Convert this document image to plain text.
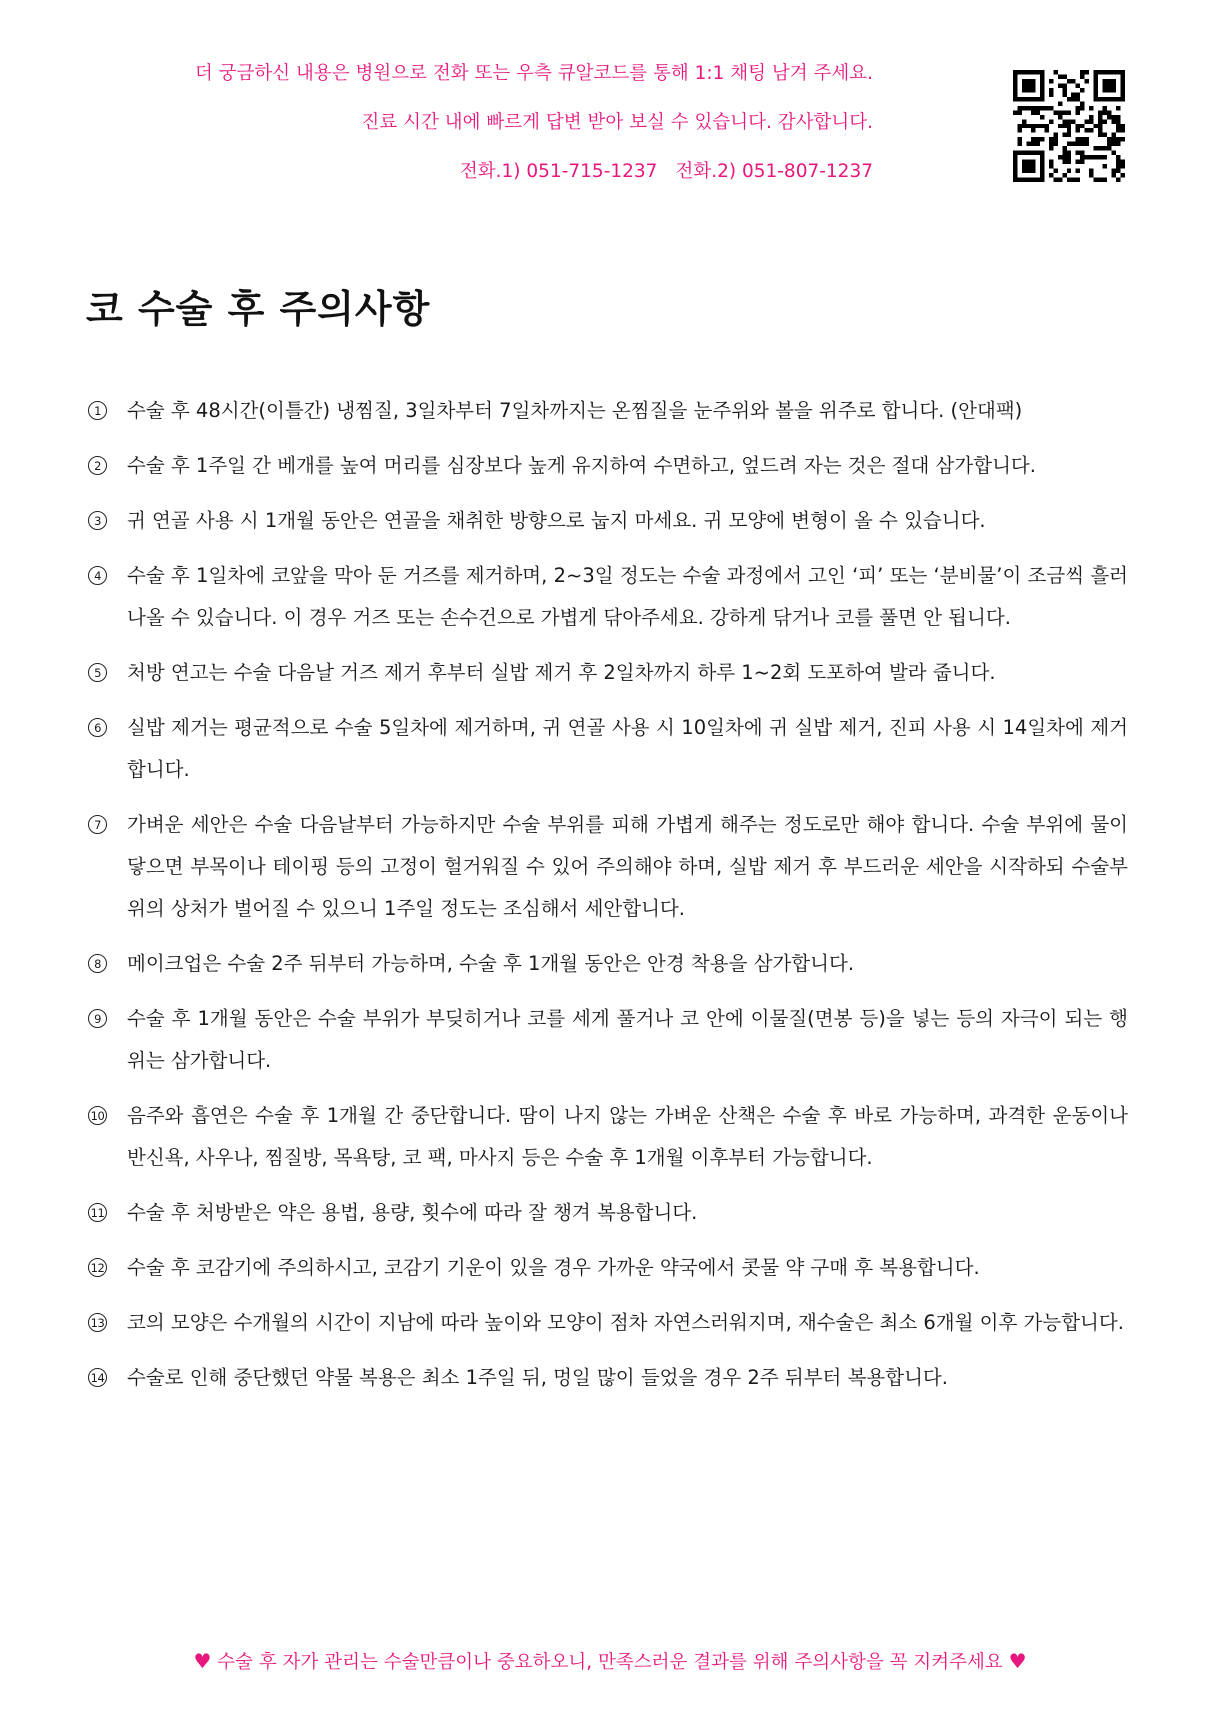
더 궁금하신 내용은 병원으로 전화 또는 우측 큐알코드를 통해 1:1 채팅 남겨 주세요.
진료 시간 내에 빠르게 답변 받아 보실 수 있습니다. 감사합니다.
전화.1) 051-715-1237 전화.2) 051-807-1237
코 수술 후 주의사항
1	수술 후 48시간(이틀간) 냉찜질, 3일차부터 7일차까지는 온찜질을 눈주위와 볼을 위주로 합니다. (안대팩)
2	수술 후 1주일 간 베개를 높여 머리를 심장보다 높게 유지하여 수면하고, 엎드려 자는 것은 절대 삼가합니다.
3	귀 연골 사용 시 1개월 동안은 연골을 채취한 방향으로 눕지 마세요. 귀 모양에 변형이 올 수 있습니다.
4	수술 후 1일차에 코앞을 막아 둔 거즈를 제거하며, 2~3일 정도는 수술 과정에서 고인 ‘피’ 또는 ‘분비물’이 조금씩 흘러나올 수 있습니다. 이 경우 거즈 또는 손수건으로 가볍게 닦아주세요. 강하게 닦거나 코를 풀면 안 됩니다.
5	처방 연고는 수술 다음날 거즈 제거 후부터 실밥 제거 후 2일차까지 하루 1~2회 도포하여 발라 줍니다.
6	실밥 제거는 평균적으로 수술 5일차에 제거하며, 귀 연골 사용 시 10일차에 귀 실밥 제거, 진피 사용 시 14일차에 제거합니다.
7	가벼운 세안은 수술 다음날부터 가능하지만 수술 부위를 피해 가볍게 해주는 정도로만 해야 합니다. 수술 부위에 물이 닿으면 부목이나 테이핑 등의 고정이 헐거워질 수 있어 주의해야 하며, 실밥 제거 후 부드러운 세안을 시작하되 수술부위의 상처가 벌어질 수 있으니 1주일 정도는 조심해서 세안합니다.
8	메이크업은 수술 2주 뒤부터 가능하며, 수술 후 1개월 동안은 안경 착용을 삼가합니다.
9	수술 후 1개월 동안은 수술 부위가 부딪히거나 코를 세게 풀거나 코 안에 이물질(면봉 등)을 넣는 등의 자극이 되는 행위는 삼가합니다.
10 음주와 흡연은 수술 후 1개월 간 중단합니다. 땀이 나지 않는 가벼운 산책은 수술 후 바로 가능하며, 과격한 운동이나 반신욕, 사우나, 찜질방, 목욕탕, 코 팩, 마사지 등은 수술 후 1개월 이후부터 가능합니다.
11 수술 후 처방받은 약은 용법, 용량, 횟수에 따라 잘 챙겨 복용합니다.
12 수술 후 코감기에 주의하시고, 코감기 기운이 있을 경우 가까운 약국에서 콧물 약 구매 후 복용합니다.
13 코의 모양은 수개월의 시간이 지남에 따라 높이와 모양이 점차 자연스러워지며, 재수술은 최소 6개월 이후 가능합니다.
14 수술로 인해 중단했던 약물 복용은 최소 1주일 뒤, 멍일 많이 들었을 경우 2주 뒤부터 복용합니다.
♥ 수술 후 자가 관리는 수술만큼이나 중요하오니, 만족스러운 결과를 위해 주의사항을 꼭 지켜주세요 ♥
